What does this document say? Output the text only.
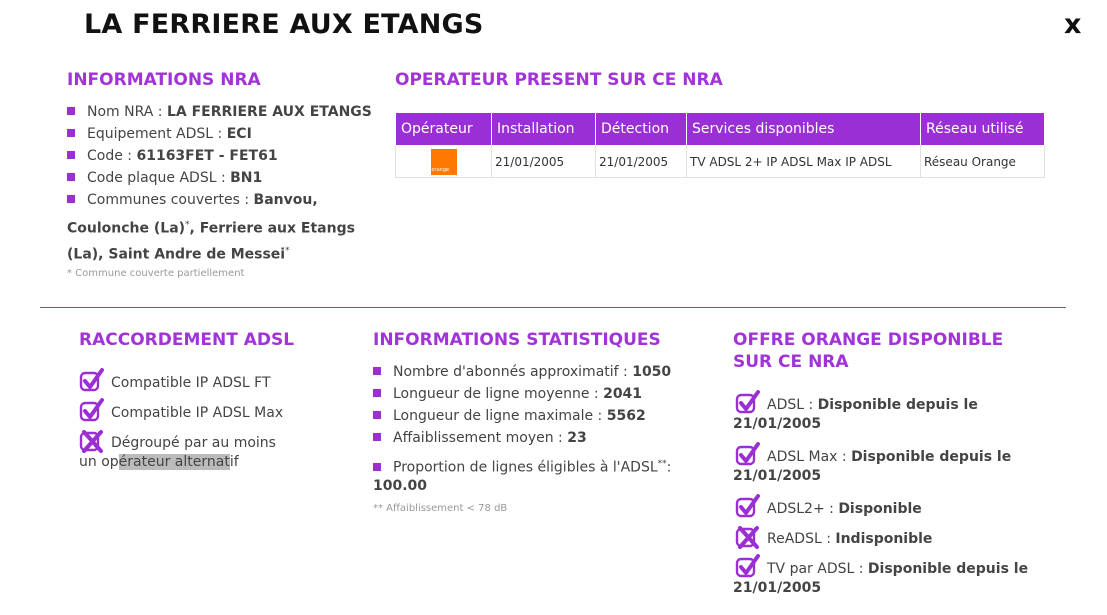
LA FERRIERE AUX ETANGS	x
INFORMATIONS NRA
Nom NRA : LA FERRIERE AUX ETANGS
Equipement ADSL : ECI
Code : 61163FET - FET61
Code plaque ADSL : BN1
Communes couvertes : Banvou,
Coulonche (La)*, Ferriere aux Etangs
(La), Saint Andre de Messei*
* Commune couverte partiellement
OPERATEUR PRESENT SUR CE NRA
Opérateur	Installation	Détection	Services disponibles	Réseau utilisé

orange	21/01/2005	21/01/2005	TV ADSL 2+ IP ADSL Max IP ADSL	Réseau Orange
RACCORDEMENT ADSL
Compatible IP ADSL FT
Compatible IP ADSL Max
Dégroupé par au moins
un opérateur alternatif
INFORMATIONS STATISTIQUES
Nombre d'abonnés approximatif : 1050
Longueur de ligne moyenne : 2041
Longueur de ligne maximale : 5562
Affaiblissement moyen : 23
Proportion de lignes éligibles à l'ADSL**:
100.00
** Affaiblissement < 78 dB
OFFRE ORANGE DISPONIBLE
SUR CE NRA
ADSL : Disponible depuis le
21/01/2005
ADSL Max : Disponible depuis le
21/01/2005
ADSL2+ : Disponible
ReADSL : Indisponible
TV par ADSL : Disponible depuis le
21/01/2005
